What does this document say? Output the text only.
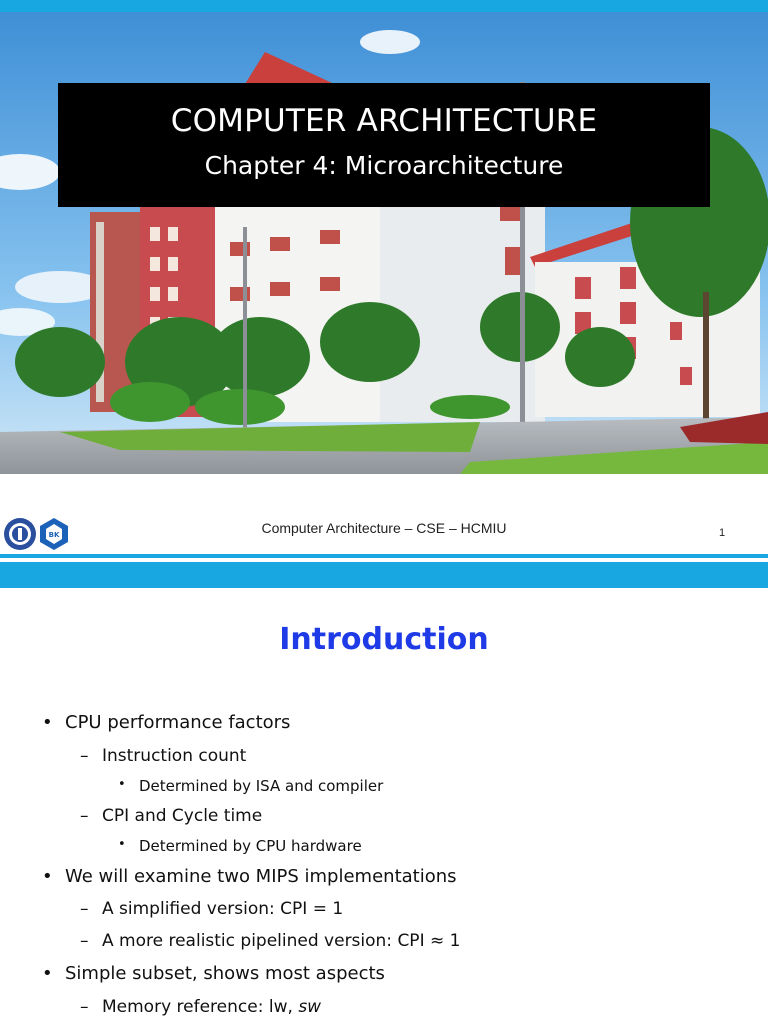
COMPUTER ARCHITECTURE
Chapter 4: Microarchitecture
BK	Computer Architecture – CSE – HCMIU	1
Introduction
• CPU performance factors
– Instruction count
• Determined by ISA and compiler
– CPI and Cycle time
• Determined by CPU hardware
• We will examine two MIPS implementations
– A simplified version: CPI = 1
– A more realistic pipelined version: CPI ≈ 1
• Simple subset, shows most aspects
– Memory reference: lw, sw
